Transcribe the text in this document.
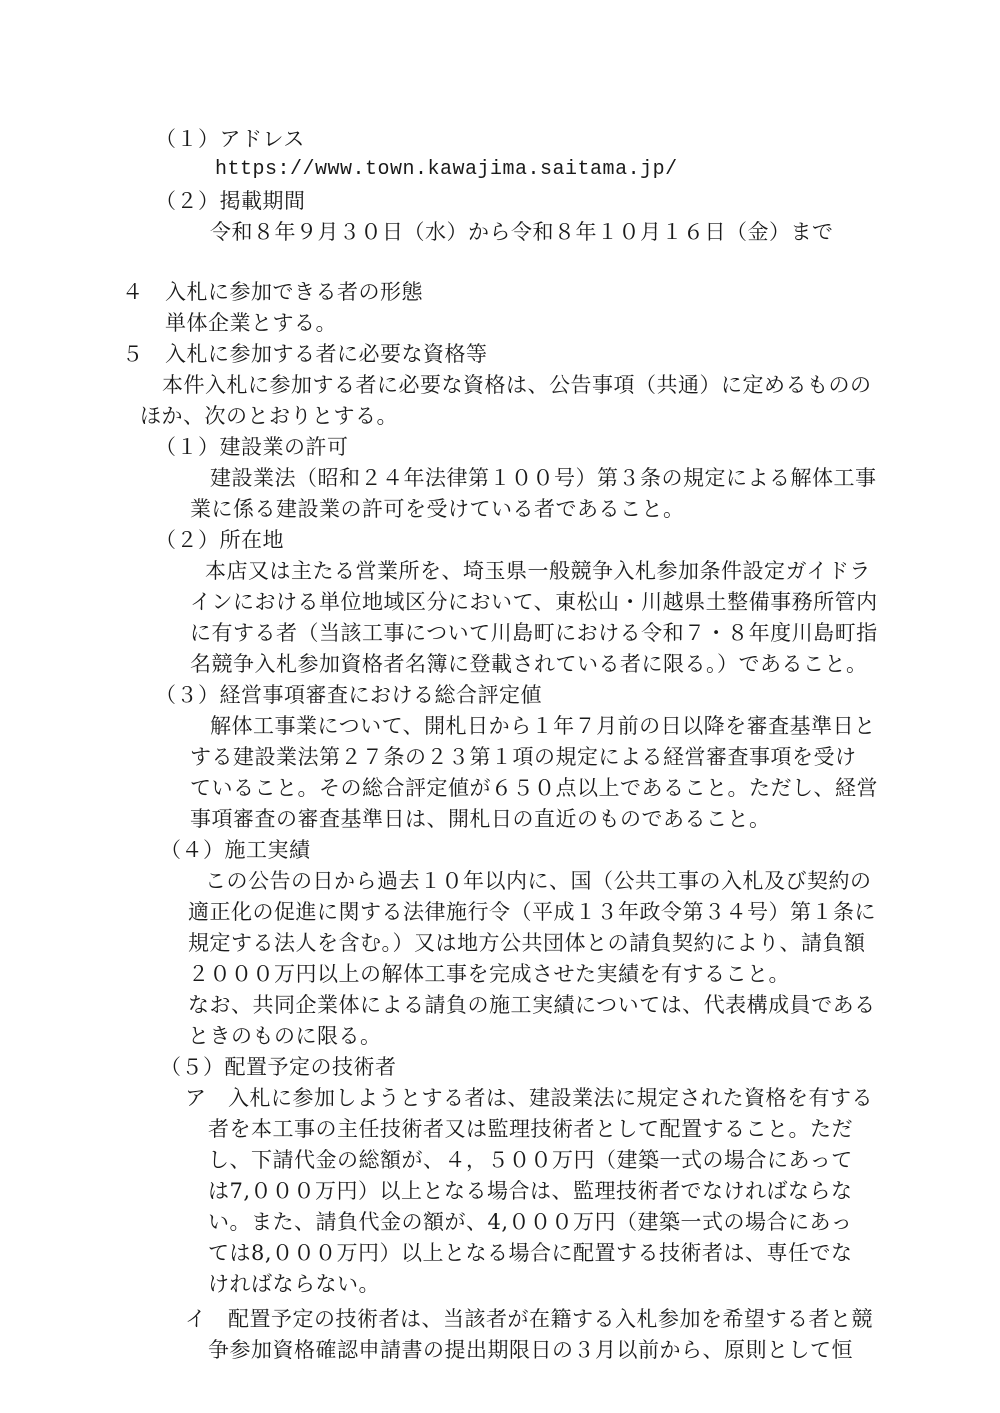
（１）アドレス
https://www.town.kawajima.saitama.jp/
（２）掲載期間
令和８年９月３０日（水）から令和８年１０月１６日（金）まで
４　入札に参加できる者の形態
単体企業とする。
５　入札に参加する者に必要な資格等
本件入札に参加する者に必要な資格は、公告事項（共通）に定めるものの
ほか、次のとおりとする。
（１）建設業の許可
建設業法（昭和２４年法律第１００号）第３条の規定による解体工事
業に係る建設業の許可を受けている者であること。
（２）所在地
本店又は主たる営業所を、埼玉県一般競争入札参加条件設定ガイドラ
インにおける単位地域区分において、東松山・川越県土整備事務所管内
に有する者（当該工事について川島町における令和７・８年度川島町指
名競争入札参加資格者名簿に登載されている者に限る。）であること。
（３）経営事項審査における総合評定値
解体工事業について、開札日から１年７月前の日以降を審査基準日と
する建設業法第２７条の２３第１項の規定による経営審査事項を受け
ていること。その総合評定値が６５０点以上であること。ただし、経営
事項審査の審査基準日は、開札日の直近のものであること。
（４）施工実績
この公告の日から過去１０年以内に、国（公共工事の入札及び契約の
適正化の促進に関する法律施行令（平成１３年政令第３４号）第１条に
規定する法人を含む。）又は地方公共団体との請負契約により、請負額
２０００万円以上の解体工事を完成させた実績を有すること。
なお、共同企業体による請負の施工実績については、代表構成員である
ときのものに限る。
（５）配置予定の技術者
ア　入札に参加しようとする者は、建設業法に規定された資格を有する
者を本工事の主任技術者又は監理技術者として配置すること。ただ
し、下請代金の総額が、４，５００万円（建築一式の場合にあって
は7,０００万円）以上となる場合は、監理技術者でなければならな
い。また、請負代金の額が、4,０００万円（建築一式の場合にあっ
ては8,０００万円）以上となる場合に配置する技術者は、専任でな
ければならない。
イ　配置予定の技術者は、当該者が在籍する入札参加を希望する者と競
争参加資格確認申請書の提出期限日の３月以前から、原則として恒
